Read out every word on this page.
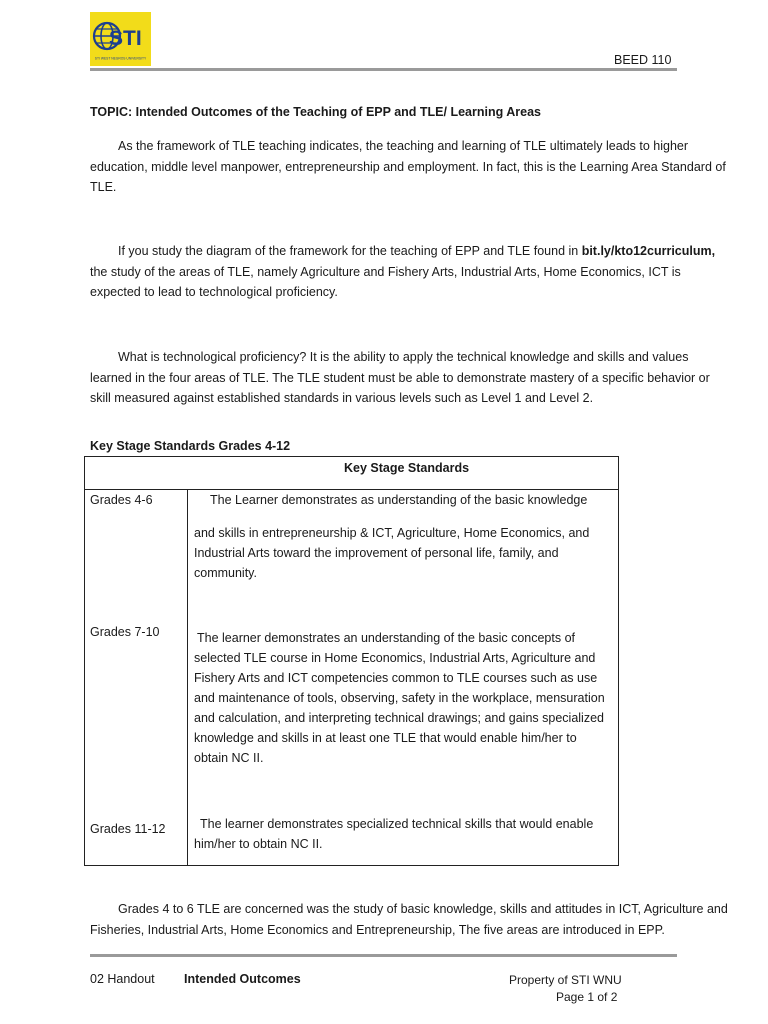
STI
STI WEST NEGROS UNIVERSITY	BEED 110
TOPIC: Intended Outcomes of the Teaching of EPP and TLE/ Learning Areas

As the framework of TLE teaching indicates, the teaching and learning of TLE ultimately leads to higher education, middle level manpower, entrepreneurship and employment. In fact, this is the Learning Area Standard of TLE.

If you study the diagram of the framework for the teaching of EPP and TLE found in bit.ly/kto12curriculum, the study of the areas of TLE, namely Agriculture and Fishery Arts, Industrial Arts, Home Economics, ICT is expected to lead to technological proficiency.

What is technological proficiency? It is the ability to apply the technical knowledge and skills and values learned in the four areas of TLE. The TLE student must be able to demonstrate mastery of a specific behavior or skill measured against established standards in various levels such as Level 1 and Level 2.

Key Stage Standards Grades 4-12
Key Stage Standards
Grades 4-6	The Learner demonstrates as understanding of the basic knowledge
and skills in entrepreneurship & ICT, Agriculture, Home Economics, and Industrial Arts toward the improvement of personal life, family, and community.
Grades 7-10	The learner demonstrates an understanding of the basic concepts of selected TLE course in Home Economics, Industrial Arts, Agriculture and Fishery Arts and ICT competencies common to TLE courses such as use and maintenance of tools, observing, safety in the workplace, mensuration and calculation, and interpreting technical drawings; and gains specialized knowledge and skills in at least one TLE that would enable him/her to obtain NC II.
Grades 11-12	The learner demonstrates specialized technical skills that would enable him/her to obtain NC II.

Grades 4 to 6 TLE are concerned was the study of basic knowledge, skills and attitudes in ICT, Agriculture and Fisheries, Industrial Arts, Home Economics and Entrepreneurship, The five areas are introduced in EPP.

02 Handout Intended Outcomes	Property of STI WNU
Page 1 of 2
